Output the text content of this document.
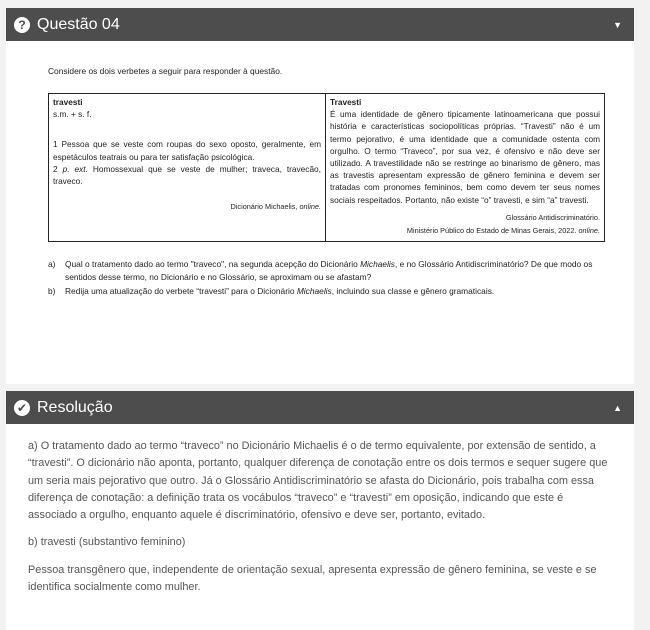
? Questão 04	▼
Considere os dois verbetes a seguir para responder à questão.
travesti
s.m. + s. f.
1 Pessoa que se veste com roupas do sexo oposto, geralmente, em espetáculos teatrais ou para ter satisfação psicológica.
2 p. ext. Homossexual que se veste de mulher; traveca, travecão, traveco.
Dicionário Michaelis, online.

Travesti
É uma identidade de gênero tipicamente latinoamericana que possui história e características sociopolíticas próprias. “Travesti” não é um termo pejorativo, é uma identidade que a comunidade ostenta com orgulho. O termo “Traveco”, por sua vez, é ofensivo e não deve ser utilizado. A travestilidade não se restringe ao binarismo de gênero, mas as travestis apresentam expressão de gênero feminina e devem ser tratadas com pronomes femininos, bem como devem ter seus nomes sociais respeitados. Portanto, não existe “o” travesti, e sim “a” travesti.
Glossário Antidiscriminatório.
Ministério Público do Estado de Minas Gerais, 2022. online.
a)	Qual o tratamento dado ao termo "traveco", na segunda acepção do Dicionário Michaelis, e no Glossário Antidiscriminatório? De que modo os sentidos desse termo, no Dicionário e no Glossário, se aproximam ou se afastam?
b)	Redija uma atualização do verbete “travesti” para o Dicionário Michaelis, incluindo sua classe e gênero gramaticais.
✔ Resolução	▲

a) O tratamento dado ao termo “traveco” no Dicionário Michaelis é o de termo equivalente, por extensão de sentido, a “travesti”. O dicionário não aponta, portanto, qualquer diferença de conotação entre os dois termos e sequer sugere que um seria mais pejorativo que outro. Já o Glossário Antidiscriminatório se afasta do Dicionário, pois trabalha com essa diferença de conotação: a definição trata os vocábulos “traveco” e “travesti” em oposição, indicando que este é associado a orgulho, enquanto aquele é discriminatório, ofensivo e deve ser, portanto, evitado.

b) travesti (substantivo feminino)

Pessoa transgênero que, independente de orientação sexual, apresenta expressão de gênero feminina, se veste e se identifica socialmente como mulher.
